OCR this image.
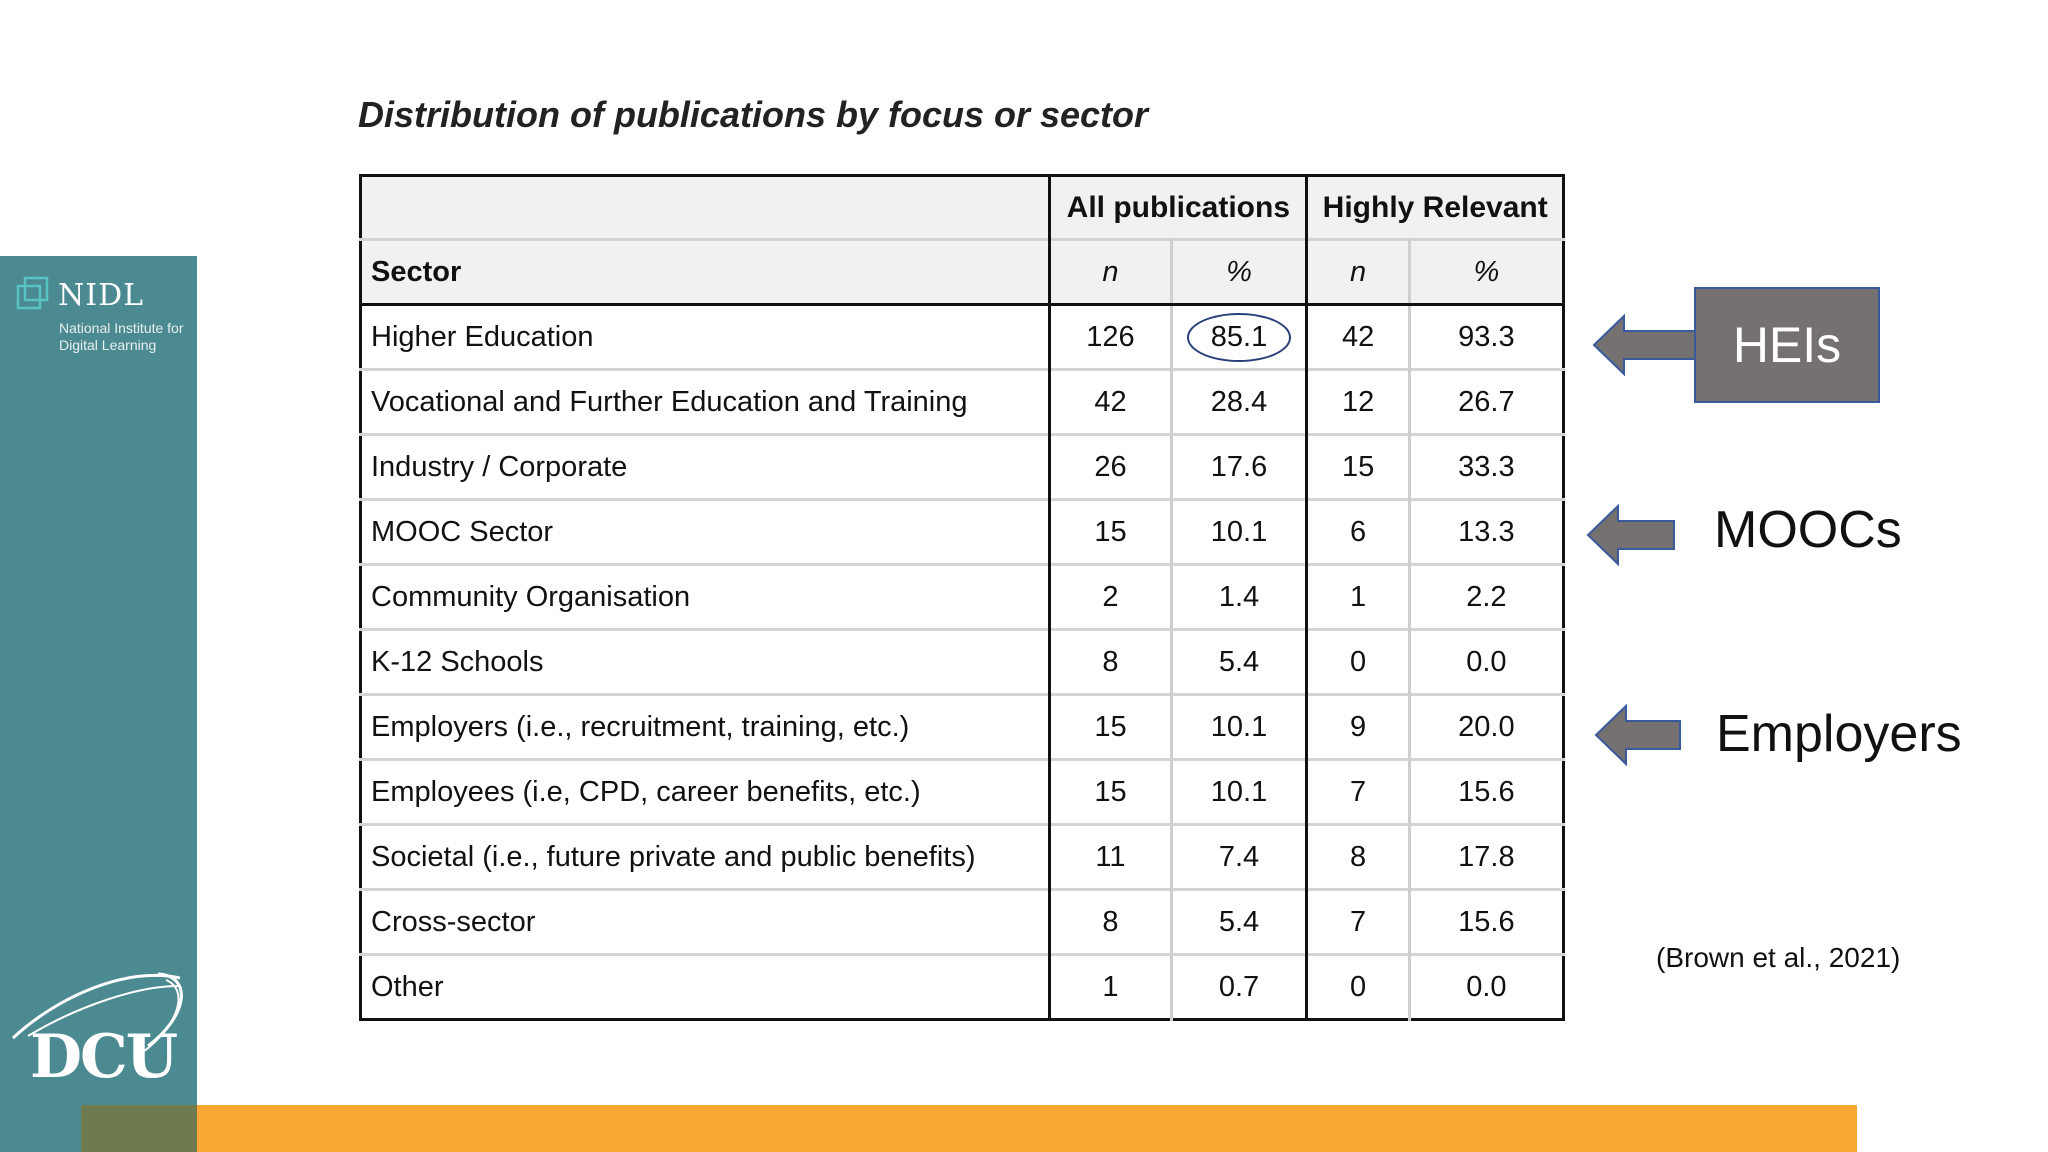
NIDL
National Institute for Digital Learning
DCU
Distribution of publications by focus or sector
	All publications		Highly Relevant	
Sector	n	%	n	%
Higher Education	126	85.1	42	93.3
Vocational and Further Education and Training	42	28.4	12	26.7
Industry / Corporate	26	17.6	15	33.3
MOOC Sector	15	10.1	6	13.3
Community Organisation	2	1.4	1	2.2
K-12 Schools	8	5.4	0	0.0
Employers (i.e., recruitment, training, etc.)	15	10.1	9	20.0
Employees (i.e, CPD, career benefits, etc.)	15	10.1	7	15.6
Societal (i.e., future private and public benefits)	11	7.4	8	17.8
Cross-sector	8	5.4	7	15.6
Other	1	0.7	0	0.0
HEIs
MOOCs
Employers
(Brown et al., 2021)
